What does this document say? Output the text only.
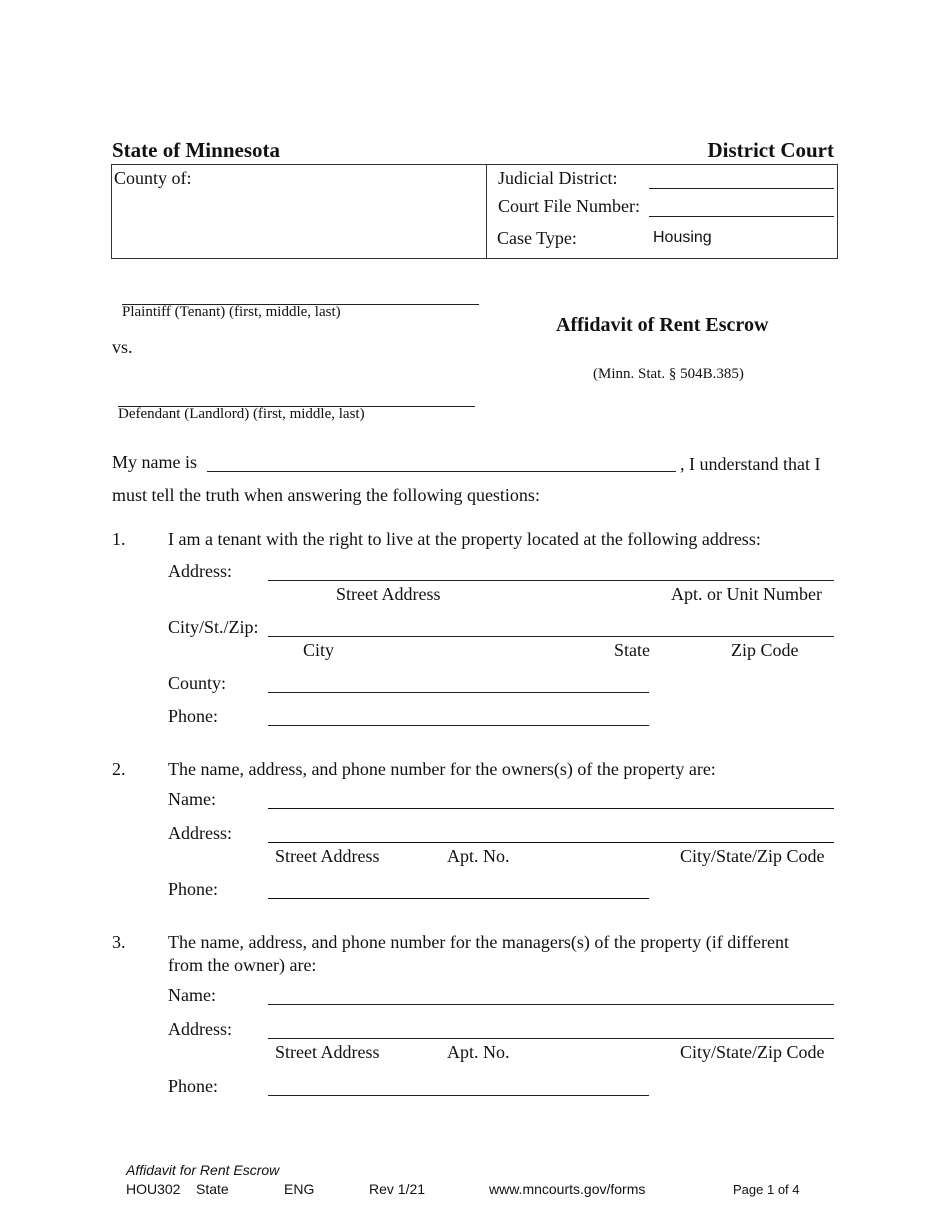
State of Minnesota	District Court
County of:	Judicial District:
Court File Number:
Case Type:	Housing
Plaintiff (Tenant) (first, middle, last)
vs.
Defendant (Landlord) (first, middle, last)
Affidavit of Rent Escrow
(Minn. Stat. § 504B.385)
My name is	, I understand that I
must tell the truth when answering the following questions:
1. I am a tenant with the right to live at the property located at the following address:
Address:
Street Address	Apt. or Unit Number
City/St./Zip:
City	State	Zip Code
County:
Phone:
2. The name, address, and phone number for the owners(s) of the property are:
Name:
Address:
Street Address	Apt. No.	City/State/Zip Code
Phone:
3. The name, address, and phone number for the managers(s) of the property (if different
from the owner) are:
Name:
Address:
Street Address	Apt. No.	City/State/Zip Code
Phone:
Affidavit for Rent Escrow
HOU302 State	ENG	Rev 1/21	www.mncourts.gov/forms	Page 1 of 4
